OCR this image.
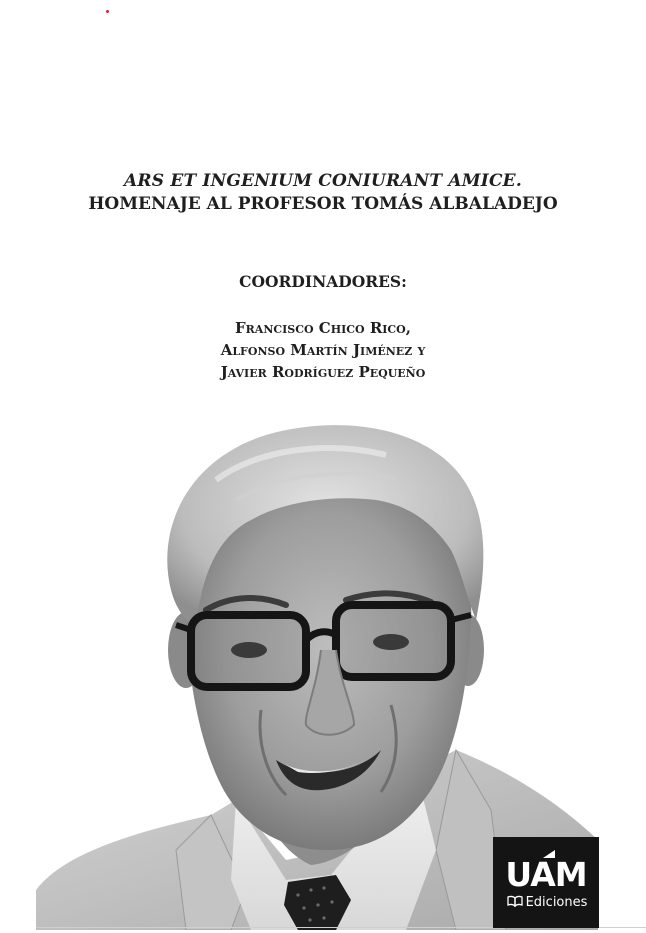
ARS ET INGENIUM CONIURANT AMICE.
HOMENAJE AL PROFESOR TOMÁS ALBALADEJO
COORDINADORES:
Francisco Chico Rico,
Alfonso Martín Jiménez y
Javier Rodríguez Pequeño
UAM
Ediciones
